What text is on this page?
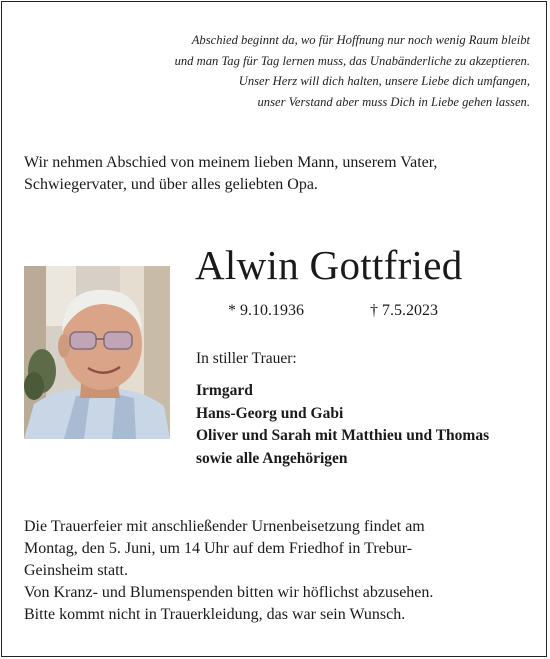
Abschied beginnt da, wo für Hoffnung nur noch wenig Raum bleibt
und man Tag für Tag lernen muss, das Unabänderliche zu akzeptieren.
Unser Herz will dich halten, unsere Liebe dich umfangen,
unser Verstand aber muss Dich in Liebe gehen lassen.
Wir nehmen Abschied von meinem lieben Mann, unserem Vater,
Schwiegervater, und über alles geliebten Opa.
Alwin Gottfried
* 9.10.1936	† 7.5.2023
In stiller Trauer:
Irmgard
Hans-Georg und Gabi
Oliver und Sarah mit Matthieu und Thomas
sowie alle Angehörigen
Die Trauerfeier mit anschließender Urnenbeisetzung findet am
Montag, den 5. Juni, um 14 Uhr auf dem Friedhof in Trebur-
Geinsheim statt.
Von Kranz- und Blumenspenden bitten wir höflichst abzusehen.
Bitte kommt nicht in Trauerkleidung, das war sein Wunsch.
